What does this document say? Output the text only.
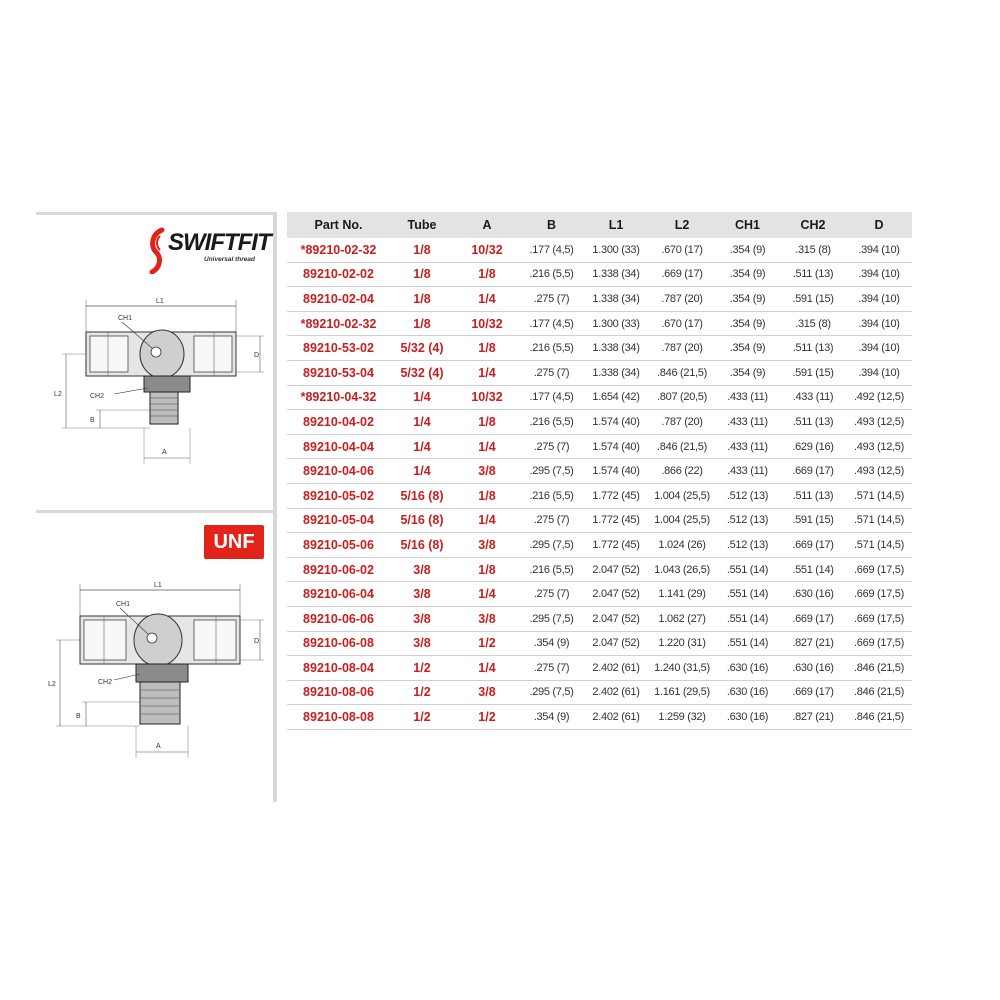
SWIFTFIT
Universal thread
L1
CH1
CH2
D
L2
B
A
UNF
L1
CH1
CH2
D
L2
B
A
Part No.	Tube	A	B	L1	L2	CH1	CH2	D
*89210-02-32	1/8	10/32	.177 (4,5)	1.300 (33)	.670 (17)	.354 (9)	.315 (8)	.394 (10)
89210-02-02	1/8	1/8	.216 (5,5)	1.338 (34)	.669 (17)	.354 (9)	.511 (13)	.394 (10)
89210-02-04	1/8	1/4	.275 (7)	1.338 (34)	.787 (20)	.354 (9)	.591 (15)	.394 (10)
*89210-02-32	1/8	10/32	.177 (4,5)	1.300 (33)	.670 (17)	.354 (9)	.315 (8)	.394 (10)
89210-53-02	5/32 (4)	1/8	.216 (5,5)	1.338 (34)	.787 (20)	.354 (9)	.511 (13)	.394 (10)
89210-53-04	5/32 (4)	1/4	.275 (7)	1.338 (34)	.846 (21,5)	.354 (9)	.591 (15)	.394 (10)
*89210-04-32	1/4	10/32	.177 (4,5)	1.654 (42)	.807 (20,5)	.433 (11)	.433 (11)	.492 (12,5)
89210-04-02	1/4	1/8	.216 (5,5)	1.574 (40)	.787 (20)	.433 (11)	.511 (13)	.493 (12,5)
89210-04-04	1/4	1/4	.275 (7)	1.574 (40)	.846 (21,5)	.433 (11)	.629 (16)	.493 (12,5)
89210-04-06	1/4	3/8	.295 (7,5)	1.574 (40)	.866 (22)	.433 (11)	.669 (17)	.493 (12,5)
89210-05-02	5/16 (8)	1/8	.216 (5,5)	1.772 (45)	1.004 (25,5)	.512 (13)	.511 (13)	.571 (14,5)
89210-05-04	5/16 (8)	1/4	.275 (7)	1.772 (45)	1.004 (25,5)	.512 (13)	.591 (15)	.571 (14,5)
89210-05-06	5/16 (8)	3/8	.295 (7,5)	1.772 (45)	1.024 (26)	.512 (13)	.669 (17)	.571 (14,5)
89210-06-02	3/8	1/8	.216 (5,5)	2.047 (52)	1.043 (26,5)	.551 (14)	.551 (14)	.669 (17,5)
89210-06-04	3/8	1/4	.275 (7)	2.047 (52)	1.141 (29)	.551 (14)	.630 (16)	.669 (17,5)
89210-06-06	3/8	3/8	.295 (7,5)	2.047 (52)	1.062 (27)	.551 (14)	.669 (17)	.669 (17,5)
89210-06-08	3/8	1/2	.354 (9)	2.047 (52)	1.220 (31)	.551 (14)	.827 (21)	.669 (17,5)
89210-08-04	1/2	1/4	.275 (7)	2.402 (61)	1.240 (31,5)	.630 (16)	.630 (16)	.846 (21,5)
89210-08-06	1/2	3/8	.295 (7,5)	2.402 (61)	1.161 (29,5)	.630 (16)	.669 (17)	.846 (21,5)
89210-08-08	1/2	1/2	.354 (9)	2.402 (61)	1.259 (32)	.630 (16)	.827 (21)	.846 (21,5)
